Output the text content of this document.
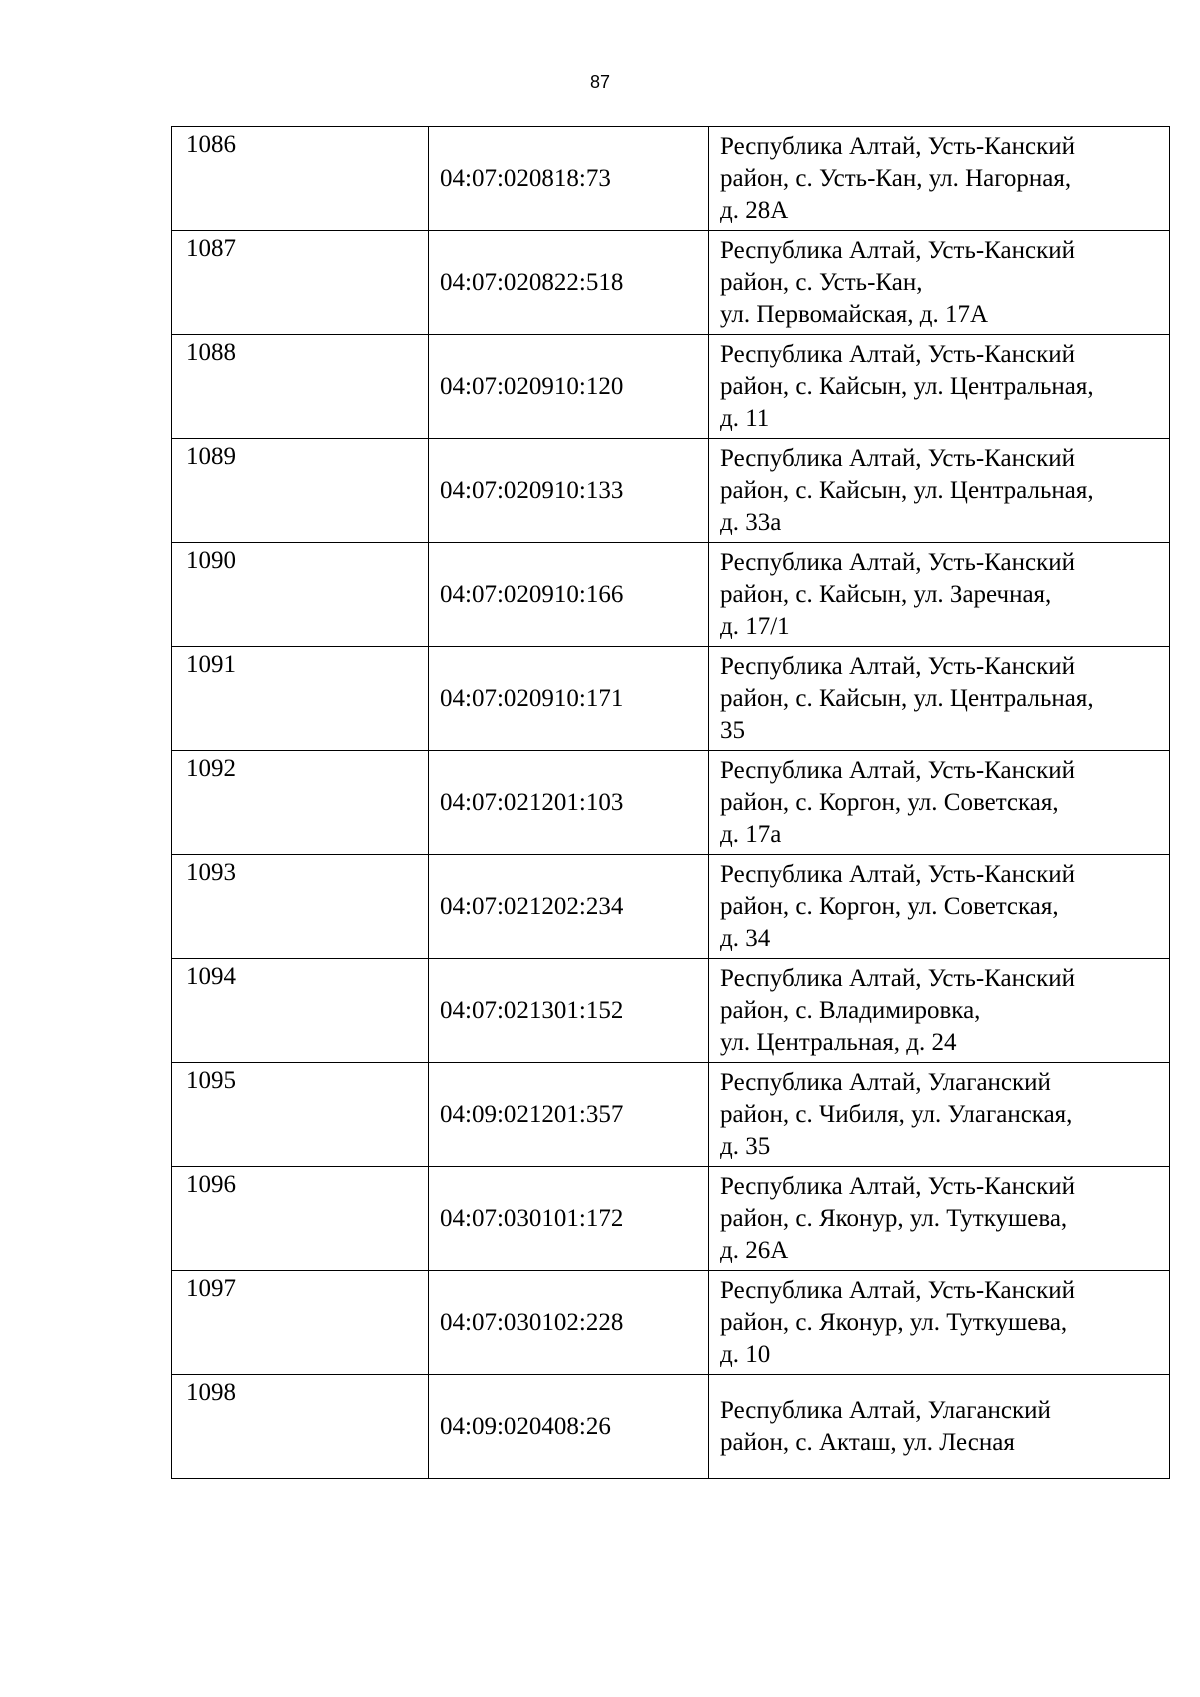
87
1086	04:07:020818:73	Республика Алтай, Усть-Канский
район, с. Усть-Кан, ул. Нагорная,
д. 28А

1087	04:07:020822:518	Республика Алтай, Усть-Канский
район, с. Усть-Кан,
ул. Первомайская, д. 17А

1088	04:07:020910:120	Республика Алтай, Усть-Канский
район, с. Кайсын, ул. Центральная,
д. 11

1089	04:07:020910:133	Республика Алтай, Усть-Канский
район, с. Кайсын, ул. Центральная,
д. 33а

1090	04:07:020910:166	Республика Алтай, Усть-Канский
район, с. Кайсын, ул. Заречная,
д. 17/1

1091	04:07:020910:171	Республика Алтай, Усть-Канский
район, с. Кайсын, ул. Центральная,
35

1092	04:07:021201:103	Республика Алтай, Усть-Канский
район, с. Коргон, ул. Советская,
д. 17а

1093	04:07:021202:234	Республика Алтай, Усть-Канский
район, с. Коргон, ул. Советская,
д. 34

1094	04:07:021301:152	Республика Алтай, Усть-Канский
район, с. Владимировка,
ул. Центральная, д. 24

1095	04:09:021201:357	Республика Алтай, Улаганский
район, с. Чибиля, ул. Улаганская,
д. 35

1096	04:07:030101:172	Республика Алтай, Усть-Канский
район, с. Яконур, ул. Туткушева,
д. 26А

1097	04:07:030102:228	Республика Алтай, Усть-Канский
район, с. Яконур, ул. Туткушева,
д. 10

1098	04:09:020408:26	Республика Алтай, Улаганский
район, с. Акташ, ул. Лесная
